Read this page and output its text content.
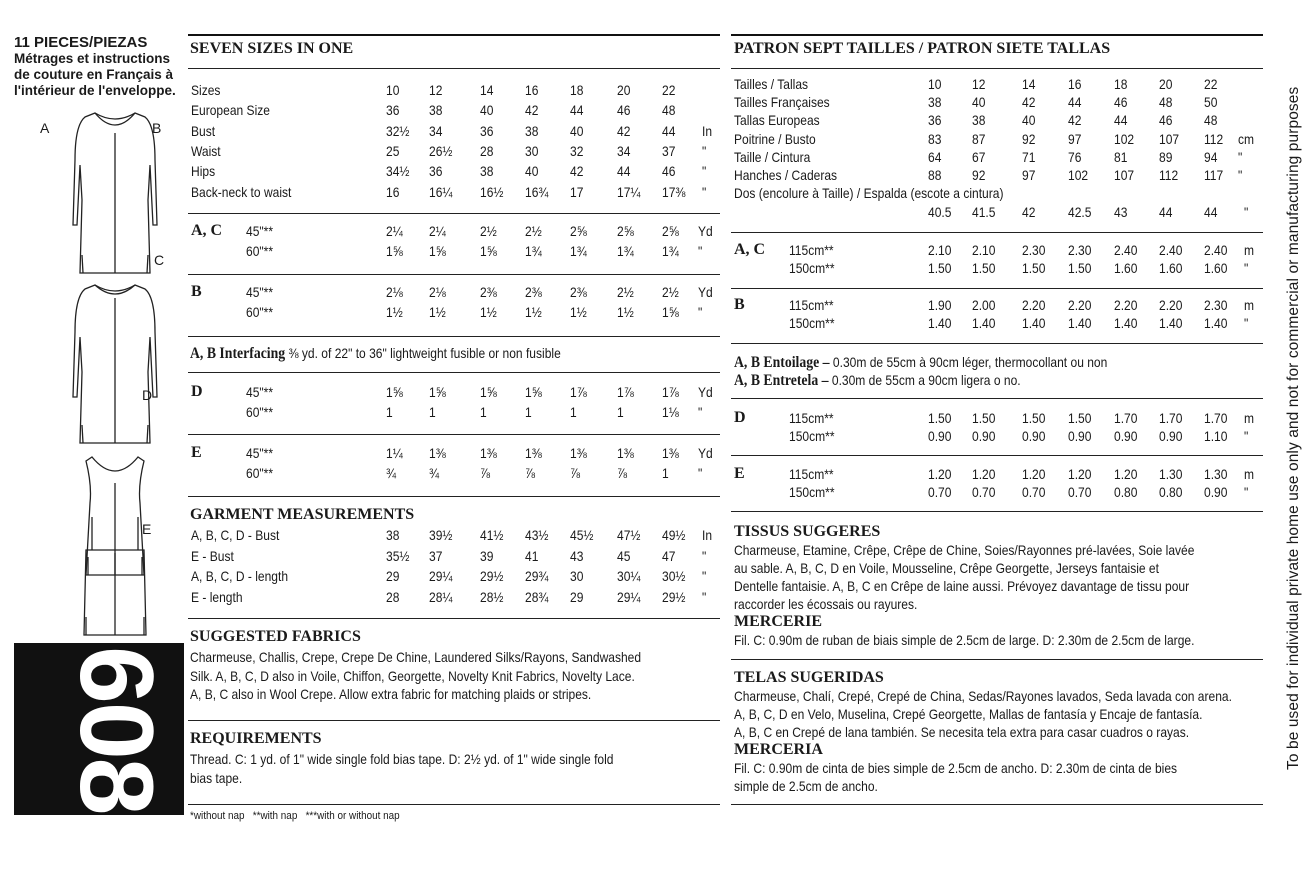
11 PIECES/PIEZAS
Métrages et instructions
de couture en Français à
l'intérieur de l'enveloppe.
A	B
C
D
E
6086
SEVEN SIZES IN ONE
Sizes	10 12	14 16 18 20 22
European Size	36 38	40 42 44 46 48
Bust	32½ 34	36 38 40 42 44 In
Waist	25 26½ 28 30 32 34 37 "
Hips	34½ 36	38 40 42 44 46 "
Back-neck to waist	16 16¼ 16½ 16¾ 17 17¼ 17⅜ "
A, C 45"**	2¼ 2¼ 2½ 2½ 2⅝ 2⅝ 2⅝ Yd
60"**	1⅝ 1⅝ 1⅝ 1¾ 1¾ 1¾ 1¾ "
B	45"**	2⅛ 2⅛ 2⅜ 2⅜ 2⅜ 2½ 2½ Yd
60"**	1½ 1½ 1½ 1½ 1½ 1½ 1⅝ "
A, B Interfacing ⅜ yd. of 22" to 36" lightweight fusible or non fusible
D	45"**	1⅝ 1⅝ 1⅝ 1⅝ 1⅞ 1⅞ 1⅞ Yd
60"**	1	1	1	1	1	1	1⅛ "
E	45"**	1¼ 1⅜ 1⅜ 1⅜ 1⅜ 1⅜ 1⅜ Yd
60"**	¾ ¾	⅞ ⅞ ⅞	⅞ 1 "
GARMENT MEASUREMENTS
A, B, C, D - Bust	38 39½ 41½ 43½ 45½ 47½ 49½ In
E - Bust	35½ 37	39 41 43 45 47 "
A, B, C, D - length	29 29¼ 29½ 29¾ 30 30¼ 30½ "
E - length	28 28¼ 28½ 28¾ 29 29¼ 29½ "
SUGGESTED FABRICS
Charmeuse, Challis, Crepe, Crepe De Chine, Laundered Silks/Rayons, Sandwashed
Silk. A, B, C, D also in Voile, Chiffon, Georgette, Novelty Knit Fabrics, Novelty Lace.
A, B, C also in Wool Crepe. Allow extra fabric for matching plaids or stripes.
REQUIREMENTS
Thread. C: 1 yd. of 1" wide single fold bias tape. D: 2½ yd. of 1" wide single fold
bias tape.
*without nap   **with nap   ***with or without nap
PATRON SEPT TAILLES / PATRON SIETE TALLAS
Tailles / Tallas	10 12	14 16 18 20 22
Tailles Françaises	38 40	42 44 46 48 50
Tallas Europeas	36 38	40 42 44 46 48
Poitrine / Busto	83 87	92 97 102 107 112 cm
Taille / Cintura	64 67	71 76 81 89 94 "
Hanches / Caderas	88 92	97 102 107 112 117 "
Dos (encolure à Taille) / Espalda (escote a cintura)
40.5 41.5 42 42.5 43 44 44 "
A, C 115cm**	2.10 2.10 2.30 2.30 2.40 2.40 2.40 m
150cm**	1.50 1.50 1.50 1.50 1.60 1.60 1.60 "
B	115cm**	1.90 2.00 2.20 2.20 2.20 2.20 2.30 m
150cm**	1.40 1.40 1.40 1.40 1.40 1.40 1.40 "
A, B Entoilage – 0.30m de 55cm à 90cm léger, thermocollant ou non
A, B Entretela – 0.30m de 55cm a 90cm ligera o no.
D	115cm**	1.50 1.50 1.50 1.50 1.70 1.70 1.70 m
150cm**	0.90 0.90 0.90 0.90 0.90 0.90 1.10 "
E	115cm**	1.20 1.20 1.20 1.20 1.20 1.30 1.30 m
150cm**	0.70 0.70 0.70 0.70 0.80 0.80 0.90 "
TISSUS SUGGERES
Charmeuse, Etamine, Crêpe, Crêpe de Chine, Soies/Rayonnes pré-lavées, Soie lavée
au sable. A, B, C, D en Voile, Mousseline, Crêpe Georgette, Jerseys fantaisie et
Dentelle fantaisie. A, B, C en Crêpe de laine aussi. Prévoyez davantage de tissu pour
raccorder les écossais ou rayures.
MERCERIE
Fil. C: 0.90m de ruban de biais simple de 2.5cm de large. D: 2.30m de 2.5cm de large.
TELAS SUGERIDAS
Charmeuse, Chalí, Crepé, Crepé de China, Sedas/Rayones lavados, Seda lavada con arena.
A, B, C, D en Velo, Muselina, Crepé Georgette, Mallas de fantasía y Encaje de fantasía.
A, B, C en Crepé de lana también. Se necesita tela extra para casar cuadros o rayas.
MERCERIA
Fil. C: 0.90m de cinta de bies simple de 2.5cm de ancho. D: 2.30m de cinta de bies
simple de 2.5cm de ancho.
To be used for individual private home use only and not for commercial or manufacturing purposes
